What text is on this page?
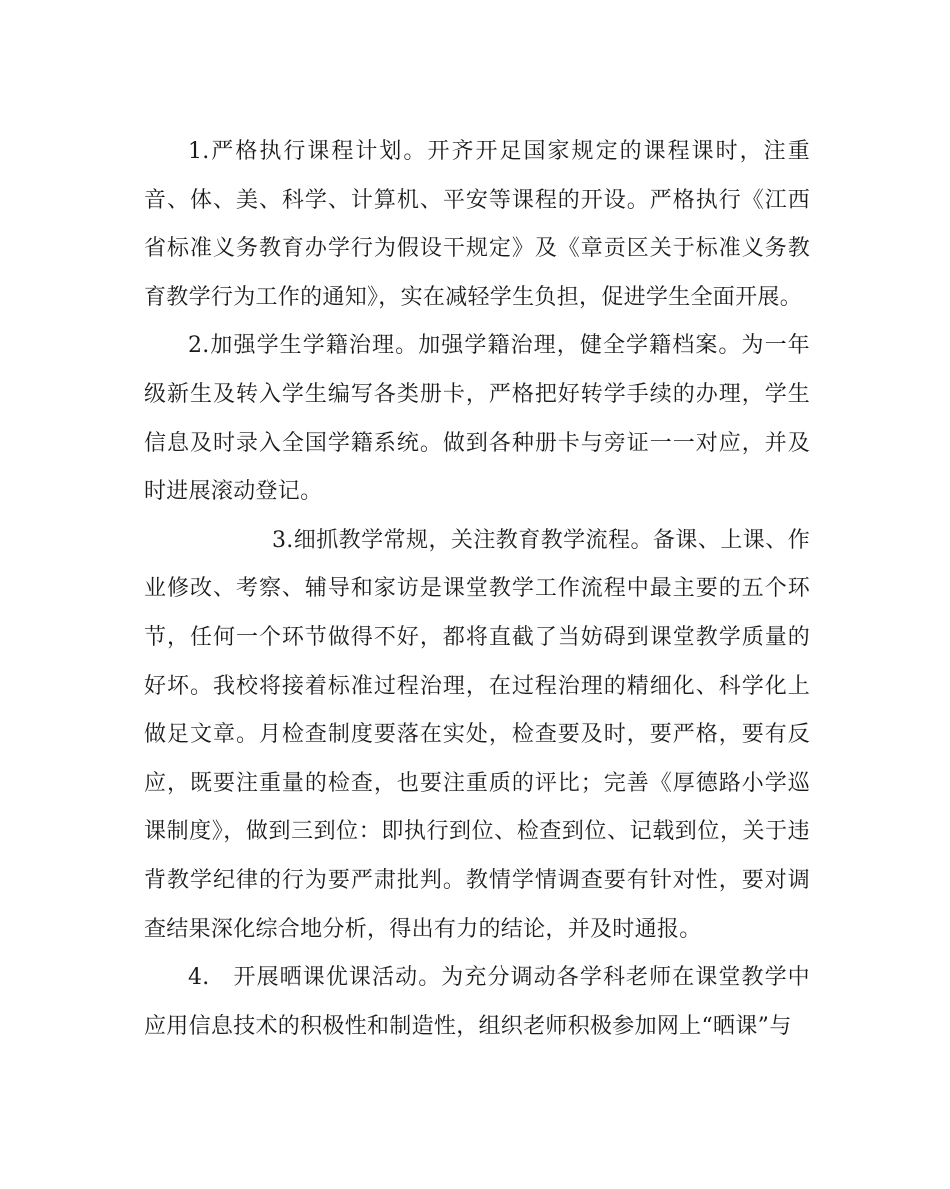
1.严格执行课程计划。开齐开足国家规定的课程课时，注重音、体、美、科学、计算机、平安等课程的开设。严格执行《江西省标准义务教育办学行为假设干规定》及《章贡区关于标准义务教育教学行为工作的通知》，实在减轻学生负担，促进学生全面开展。

2.加强学生学籍治理。加强学籍治理，健全学籍档案。为一年级新生及转入学生编写各类册卡，严格把好转学手续的办理，学生信息及时录入全国学籍系统。做到各种册卡与旁证一一对应，并及时进展滚动登记。

3.细抓教学常规，关注教育教学流程。备课、上课、作业修改、考察、辅导和家访是课堂教学工作流程中最主要的五个环节，任何一个环节做得不好，都将直截了当妨碍到课堂教学质量的好坏。我校将接着标准过程治理，在过程治理的精细化、科学化上做足文章。月检查制度要落在实处，检查要及时，要严格，要有反应，既要注重量的检查，也要注重质的评比；完善《厚德路小学巡课制度》，做到三到位：即执行到位、检查到位、记载到位，关于违背教学纪律的行为要严肃批判。教情学情调查要有针对性，要对调查结果深化综合地分析，得出有力的结论，并及时通报。

4.　开展晒课优课活动。为充分调动各学科老师在课堂教学中应用信息技术的积极性和制造性，组织老师积极参加网上“晒课”与
